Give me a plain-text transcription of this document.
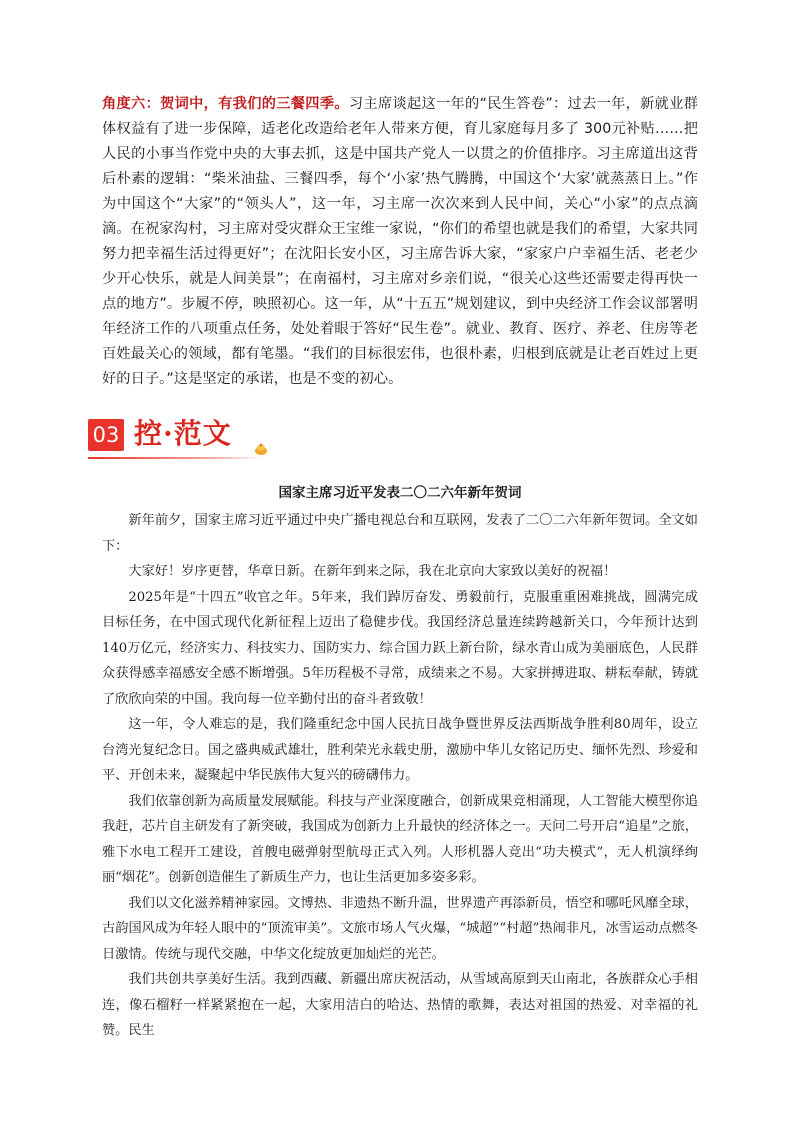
角度六：贺词中，有我们的三餐四季。习主席谈起这一年的“民生答卷”：过去一年，新就业群体权益有了进一步保障，适老化改造给老年人带来方便，育儿家庭每月多了 300元补贴……把人民的小事当作党中央的大事去抓，这是中国共产党人一以贯之的价值排序。习主席道出这背后朴素的逻辑：“柴米油盐、三餐四季，每个‘小家’热气腾腾，中国这个‘大家’就蒸蒸日上。”作为中国这个“大家”的“领头人”，这一年，习主席一次次来到人民中间，关心“小家”的点点滴滴。在祝家沟村，习主席对受灾群众王宝维一家说，“你们的希望也就是我们的希望，大家共同努力把幸福生活过得更好”；在沈阳长安小区，习主席告诉大家，“家家户户幸福生活、老老少少开心快乐，就是人间美景”；在南福村，习主席对乡亲们说，“很关心这些还需要走得再快一点的地方”。步履不停，映照初心。这一年，从“十五五”规划建议，到中央经济工作会议部署明年经济工作的八项重点任务，处处着眼于答好“民生卷”。就业、教育、医疗、养老、住房等老百姓最关心的领域，都有笔墨。“我们的目标很宏伟，也很朴素，归根到底就是让老百姓过上更好的日子。”这是坚定的承诺，也是不变的初心。
03 控·范文
国家主席习近平发表二〇二六年新年贺词

新年前夕，国家主席习近平通过中央广播电视总台和互联网，发表了二〇二六年新年贺词。全文如下：

大家好！岁序更替，华章日新。在新年到来之际，我在北京向大家致以美好的祝福！

2025年是“十四五”收官之年。5年来，我们踔厉奋发、勇毅前行，克服重重困难挑战，圆满完成目标任务，在中国式现代化新征程上迈出了稳健步伐。我国经济总量连续跨越新关口，今年预计达到140万亿元，经济实力、科技实力、国防实力、综合国力跃上新台阶，绿水青山成为美丽底色，人民群众获得感幸福感安全感不断增强。5年历程极不寻常，成绩来之不易。大家拼搏进取、耕耘奉献，铸就了欣欣向荣的中国。我向每一位辛勤付出的奋斗者致敬！

这一年，令人难忘的是，我们隆重纪念中国人民抗日战争暨世界反法西斯战争胜利80周年，设立台湾光复纪念日。国之盛典威武雄壮，胜利荣光永载史册，激励中华儿女铭记历史、缅怀先烈、珍爱和平、开创未来，凝聚起中华民族伟大复兴的磅礴伟力。

我们依靠创新为高质量发展赋能。科技与产业深度融合，创新成果竞相涌现，人工智能大模型你追我赶，芯片自主研发有了新突破，我国成为创新力上升最快的经济体之一。天问二号开启“追星”之旅，雅下水电工程开工建设，首艘电磁弹射型航母正式入列。人形机器人竞出“功夫模式”，无人机演绎绚丽“烟花”。创新创造催生了新质生产力，也让生活更加多姿多彩。

我们以文化滋养精神家园。文博热、非遗热不断升温，世界遗产再添新员，悟空和哪吒风靡全球，古韵国风成为年轻人眼中的“顶流审美”。文旅市场人气火爆，“城超”“村超”热闹非凡，冰雪运动点燃冬日激情。传统与现代交融，中华文化绽放更加灿烂的光芒。

我们共创共享美好生活。我到西藏、新疆出席庆祝活动，从雪域高原到天山南北，各族群众心手相连，像石榴籽一样紧紧抱在一起，大家用洁白的哈达、热情的歌舞，表达对祖国的热爱、对幸福的礼赞。民生
